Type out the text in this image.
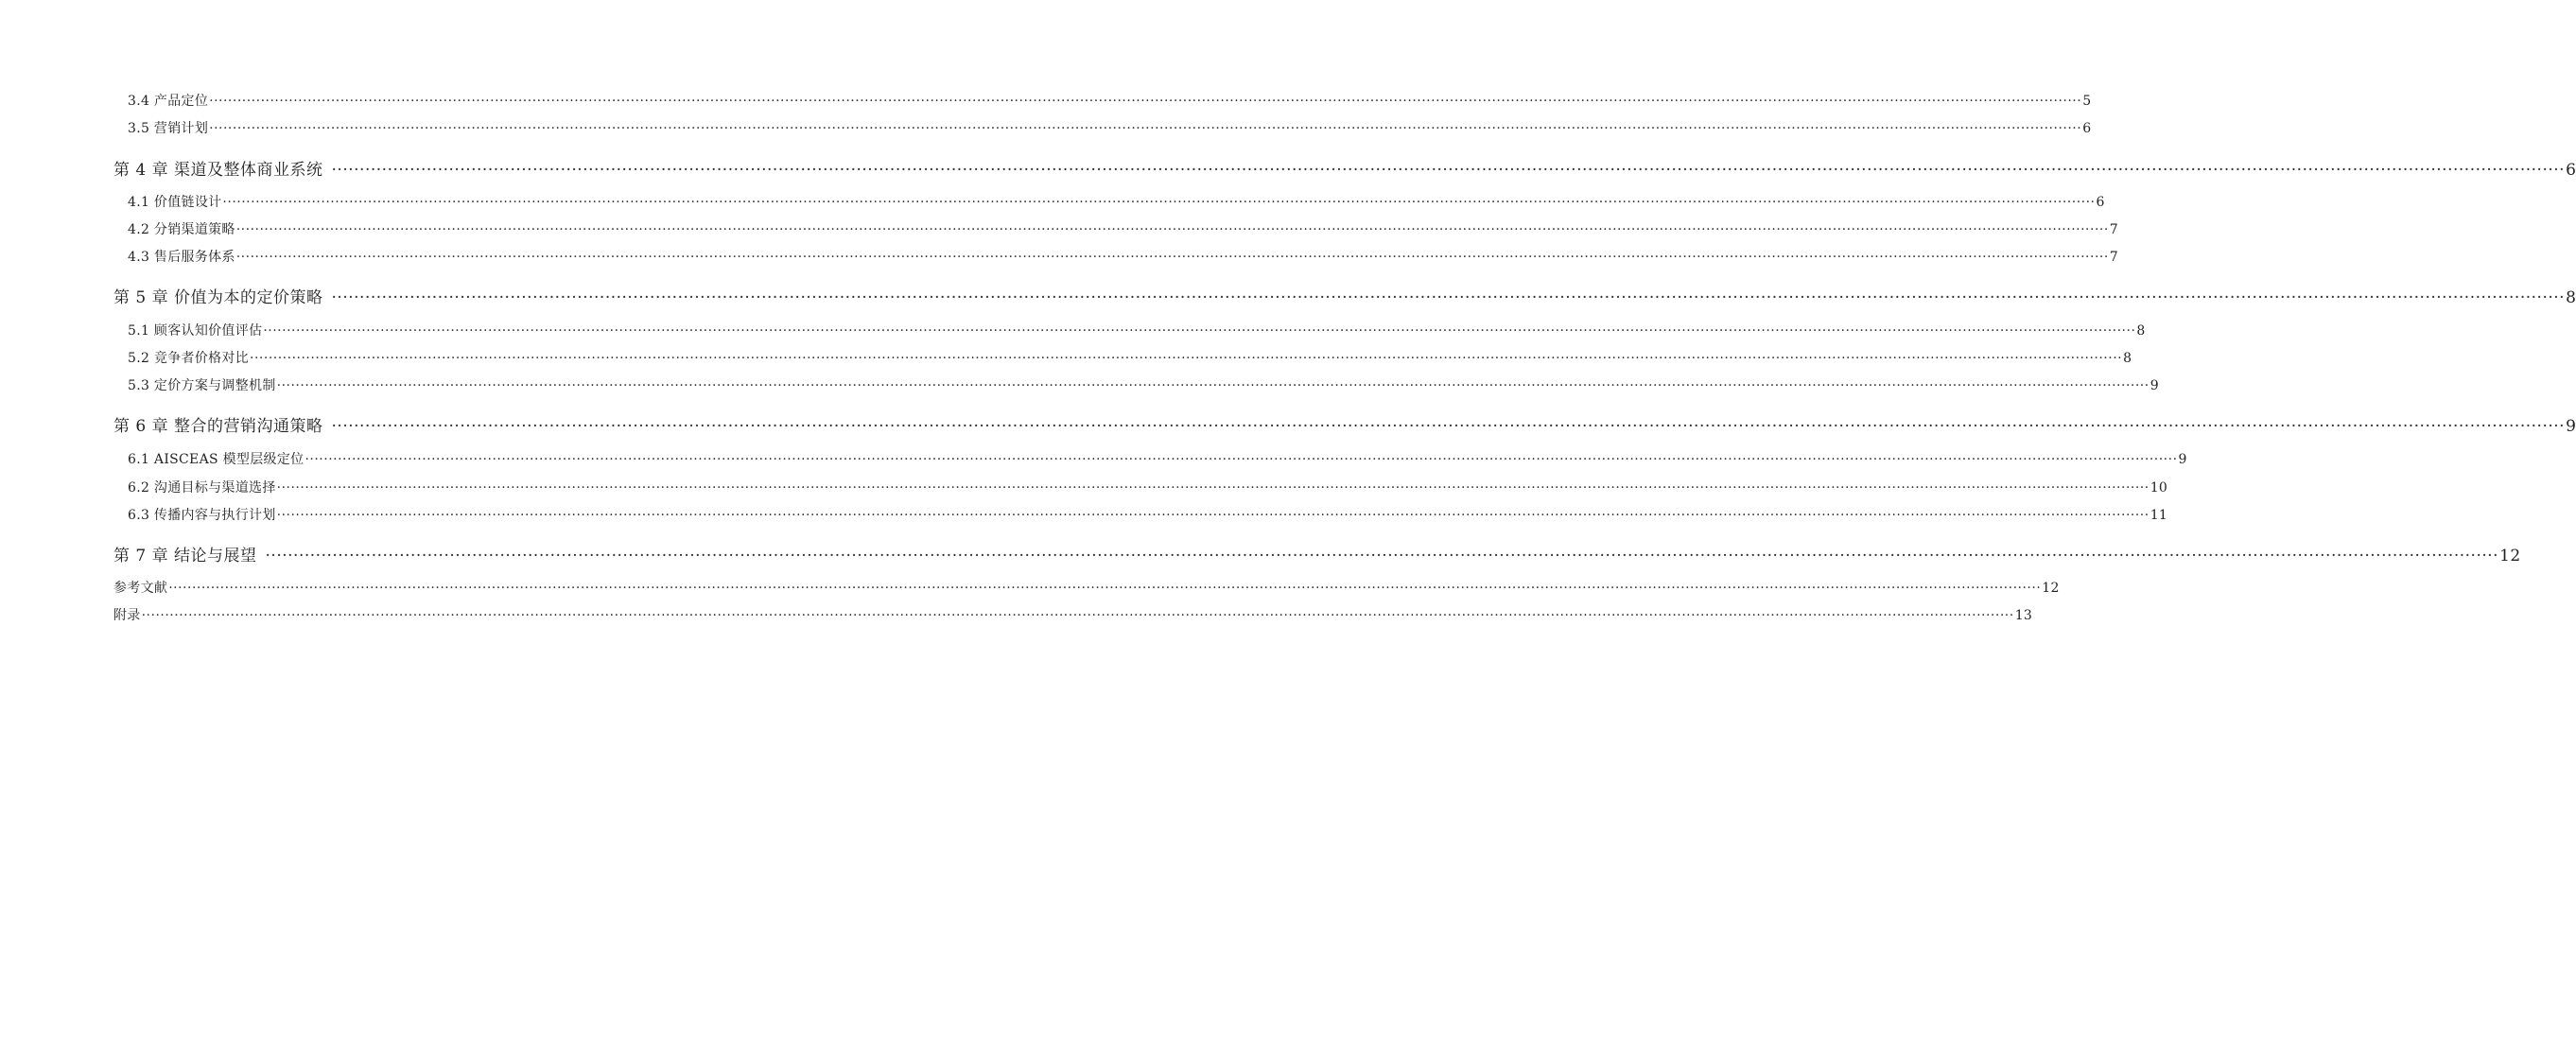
3.4 产品定位 ················································································································································································································································································································································································································ 5
3.5 营销计划 ················································································································································································································································································································································································································ 6
第 4 章 渠道及整体商业系统 ················································································································································································································································································································································································································ 6
4.1 价值链设计 ················································································································································································································································································································································································································ 6
4.2 分销渠道策略 ················································································································································································································································································································································································································ 7
4.3 售后服务体系 ················································································································································································································································································································································································································ 7
第 5 章 价值为本的定价策略 ················································································································································································································································································································································································································ 8
5.1 顾客认知价值评估 ················································································································································································································································································································································································································ 8
5.2 竞争者价格对比 ················································································································································································································································································································································································································ 8
5.3 定价方案与调整机制 ················································································································································································································································································································································································································ 9
第 6 章 整合的营销沟通策略 ················································································································································································································································································································································································································ 9
6.1 AISCEAS 模型层级定位 ················································································································································································································································································································································································································ 9
6.2 沟通目标与渠道选择 ················································································································································································································································································································································································································ 10
6.3 传播内容与执行计划 ················································································································································································································································································································································································································ 11
第 7 章 结论与展望 ················································································································································································································································································································································································································ 12
参考文献 ················································································································································································································································································································································································································ 12
附录 ················································································································································································································································································································································································································ 13
